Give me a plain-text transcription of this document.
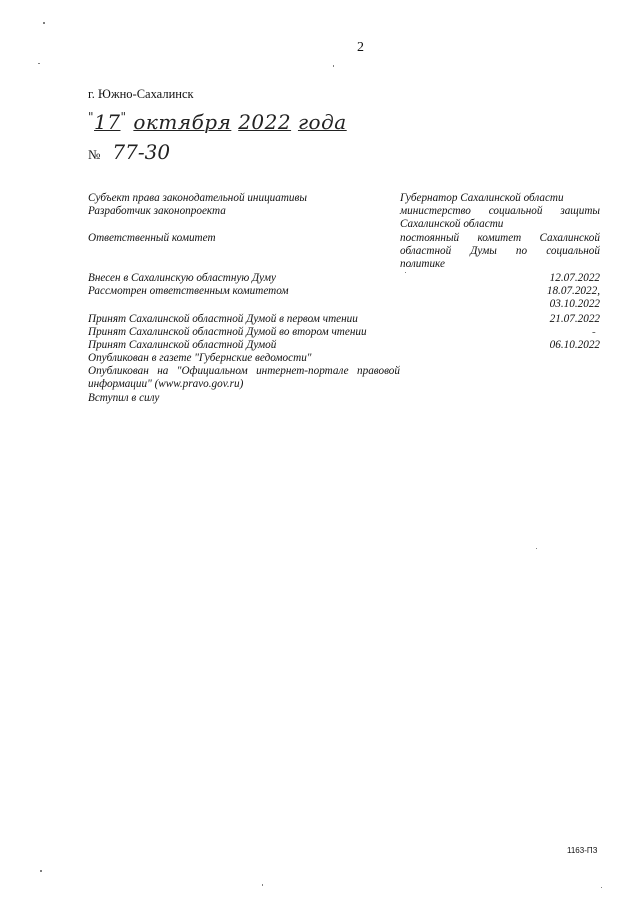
2
г. Южно-Сахалинск
"17" октября 2022 года
№ 77-30
Субъект права законодательной инициативы
Разработчик законопроекта
Ответственный комитет
Внесен в Сахалинскую областную Думу
Рассмотрен ответственным комитетом
Принят Сахалинской областной Думой в первом чтении
Принят Сахалинской областной Думой во втором чтении
Принят Сахалинской областной Думой
Опубликован в газете "Губернские ведомости"
Опубликован на "Официальном интернет-портале правовой
информации" (www.pravo.gov.ru)
Вступил в силу
Губернатор Сахалинской области
министерство социальной защиты
Сахалинской области
постоянный комитет Сахалинской
областной Думы по социальной
политике
12.07.2022
18.07.2022,
03.10.2022
21.07.2022
-
06.10.2022
1163-ПЗ
